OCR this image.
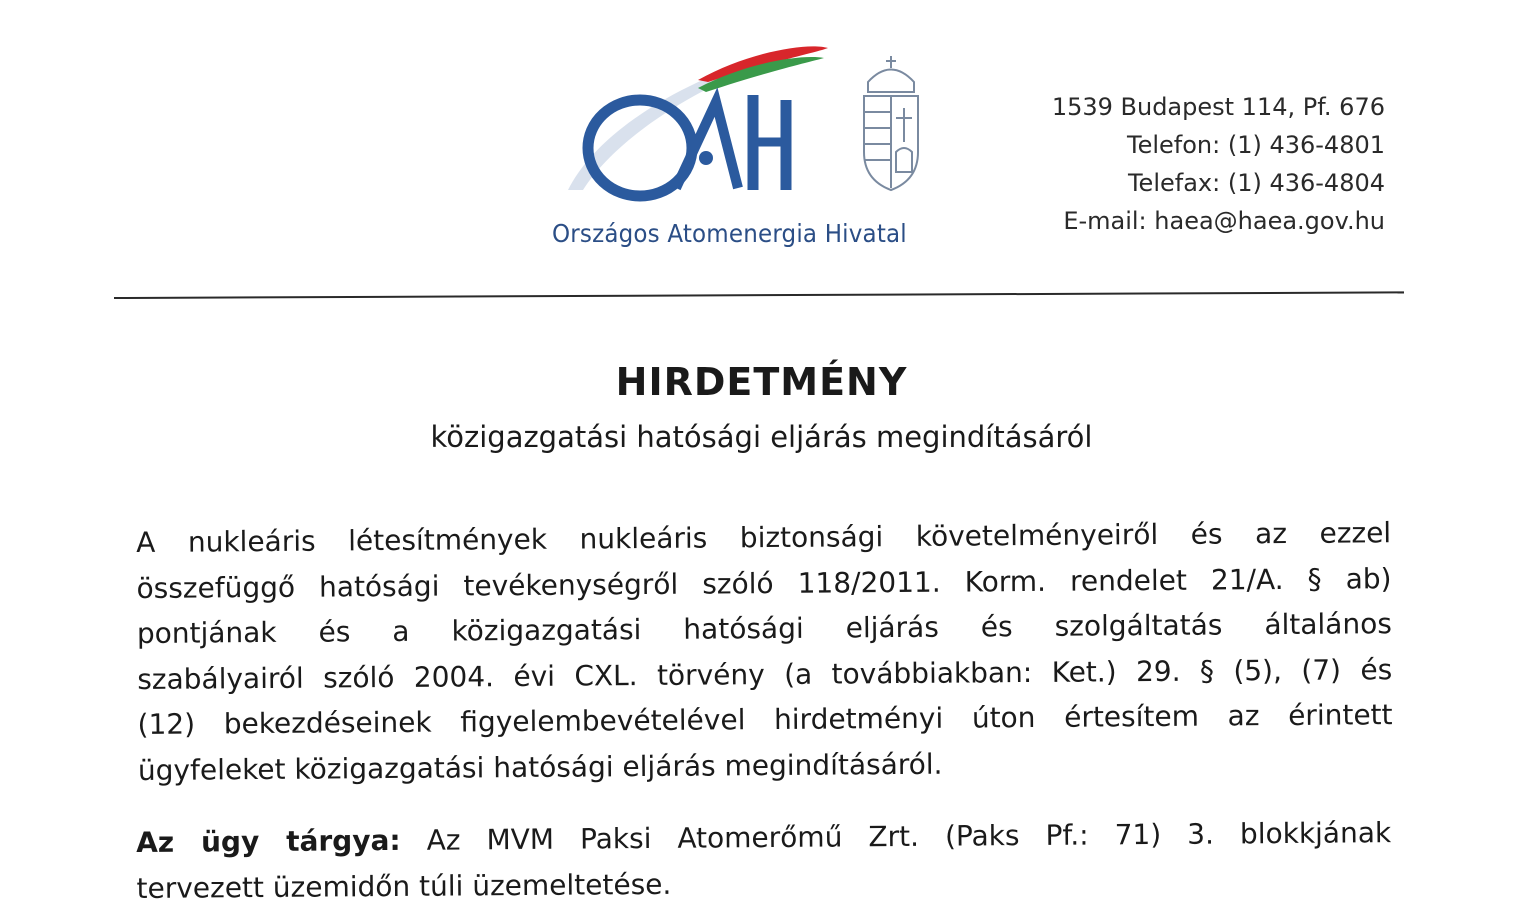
Országos Atomenergia Hivatal
1539 Budapest 114, Pf. 676
Telefon: (1) 436-4801
Telefax: (1) 436-4804
E-mail: haea@haea.gov.hu
HIRDETMÉNY
közigazgatási hatósági eljárás megindításáról
A nukleáris létesítmények nukleáris biztonsági követelményeiről és az ezzel
összefüggő hatósági tevékenységről szóló 118/2011. Korm. rendelet 21/A. § ab)
pontjának és a közigazgatási hatósági eljárás és szolgáltatás általános
szabályairól szóló 2004. évi CXL. törvény (a továbbiakban: Ket.) 29. § (5), (7) és
(12) bekezdéseinek figyelembevételével hirdetményi úton értesítem az érintett
ügyfeleket közigazgatási hatósági eljárás megindításáról.
Az ügy tárgya: Az MVM Paksi Atomerőmű Zrt. (Paks Pf.: 71) 3. blokkjának
tervezett üzemidőn túli üzemeltetése.
